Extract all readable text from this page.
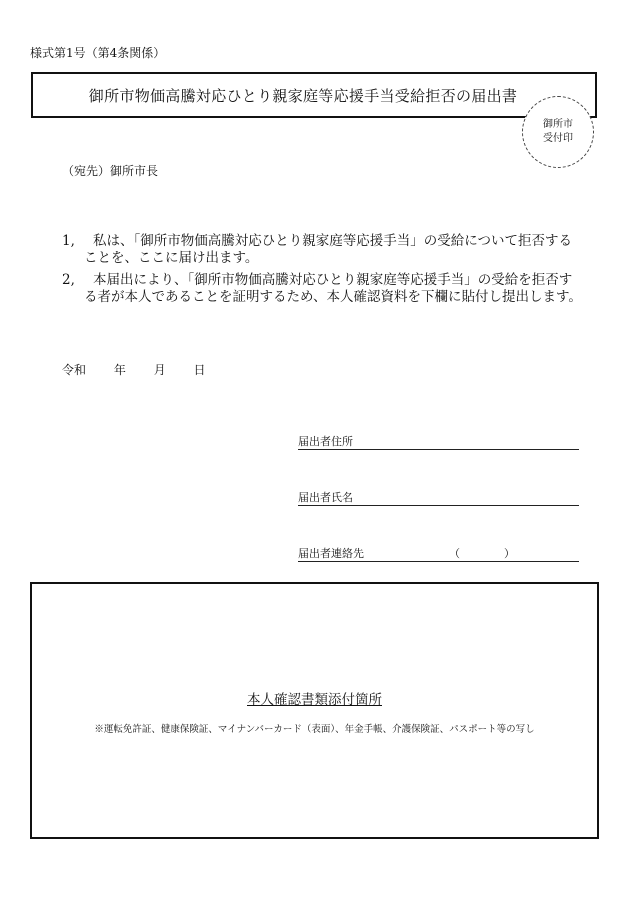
様式第1号（第4条関係）
御所市物価高騰対応ひとり親家庭等応援手当受給拒否の届出書
御所市
受付印
（宛先）御所市長
1,	私は、「御所市物価高騰対応ひとり親家庭等応援手当」の受給について拒否することを、ここに届け出ます。
2,	本届出により、「御所市物価高騰対応ひとり親家庭等応援手当」の受給を拒否する者が本人であることを証明するため、本人確認資料を下欄に貼付し提出します。
令和 年 月 日
届出者住所
届出者氏名
届出者連絡先	（　　　　）
本人確認書類添付箇所
※運転免許証、健康保険証、マイナンバーカード（表面）、年金手帳、介護保険証、パスポート等の写し
